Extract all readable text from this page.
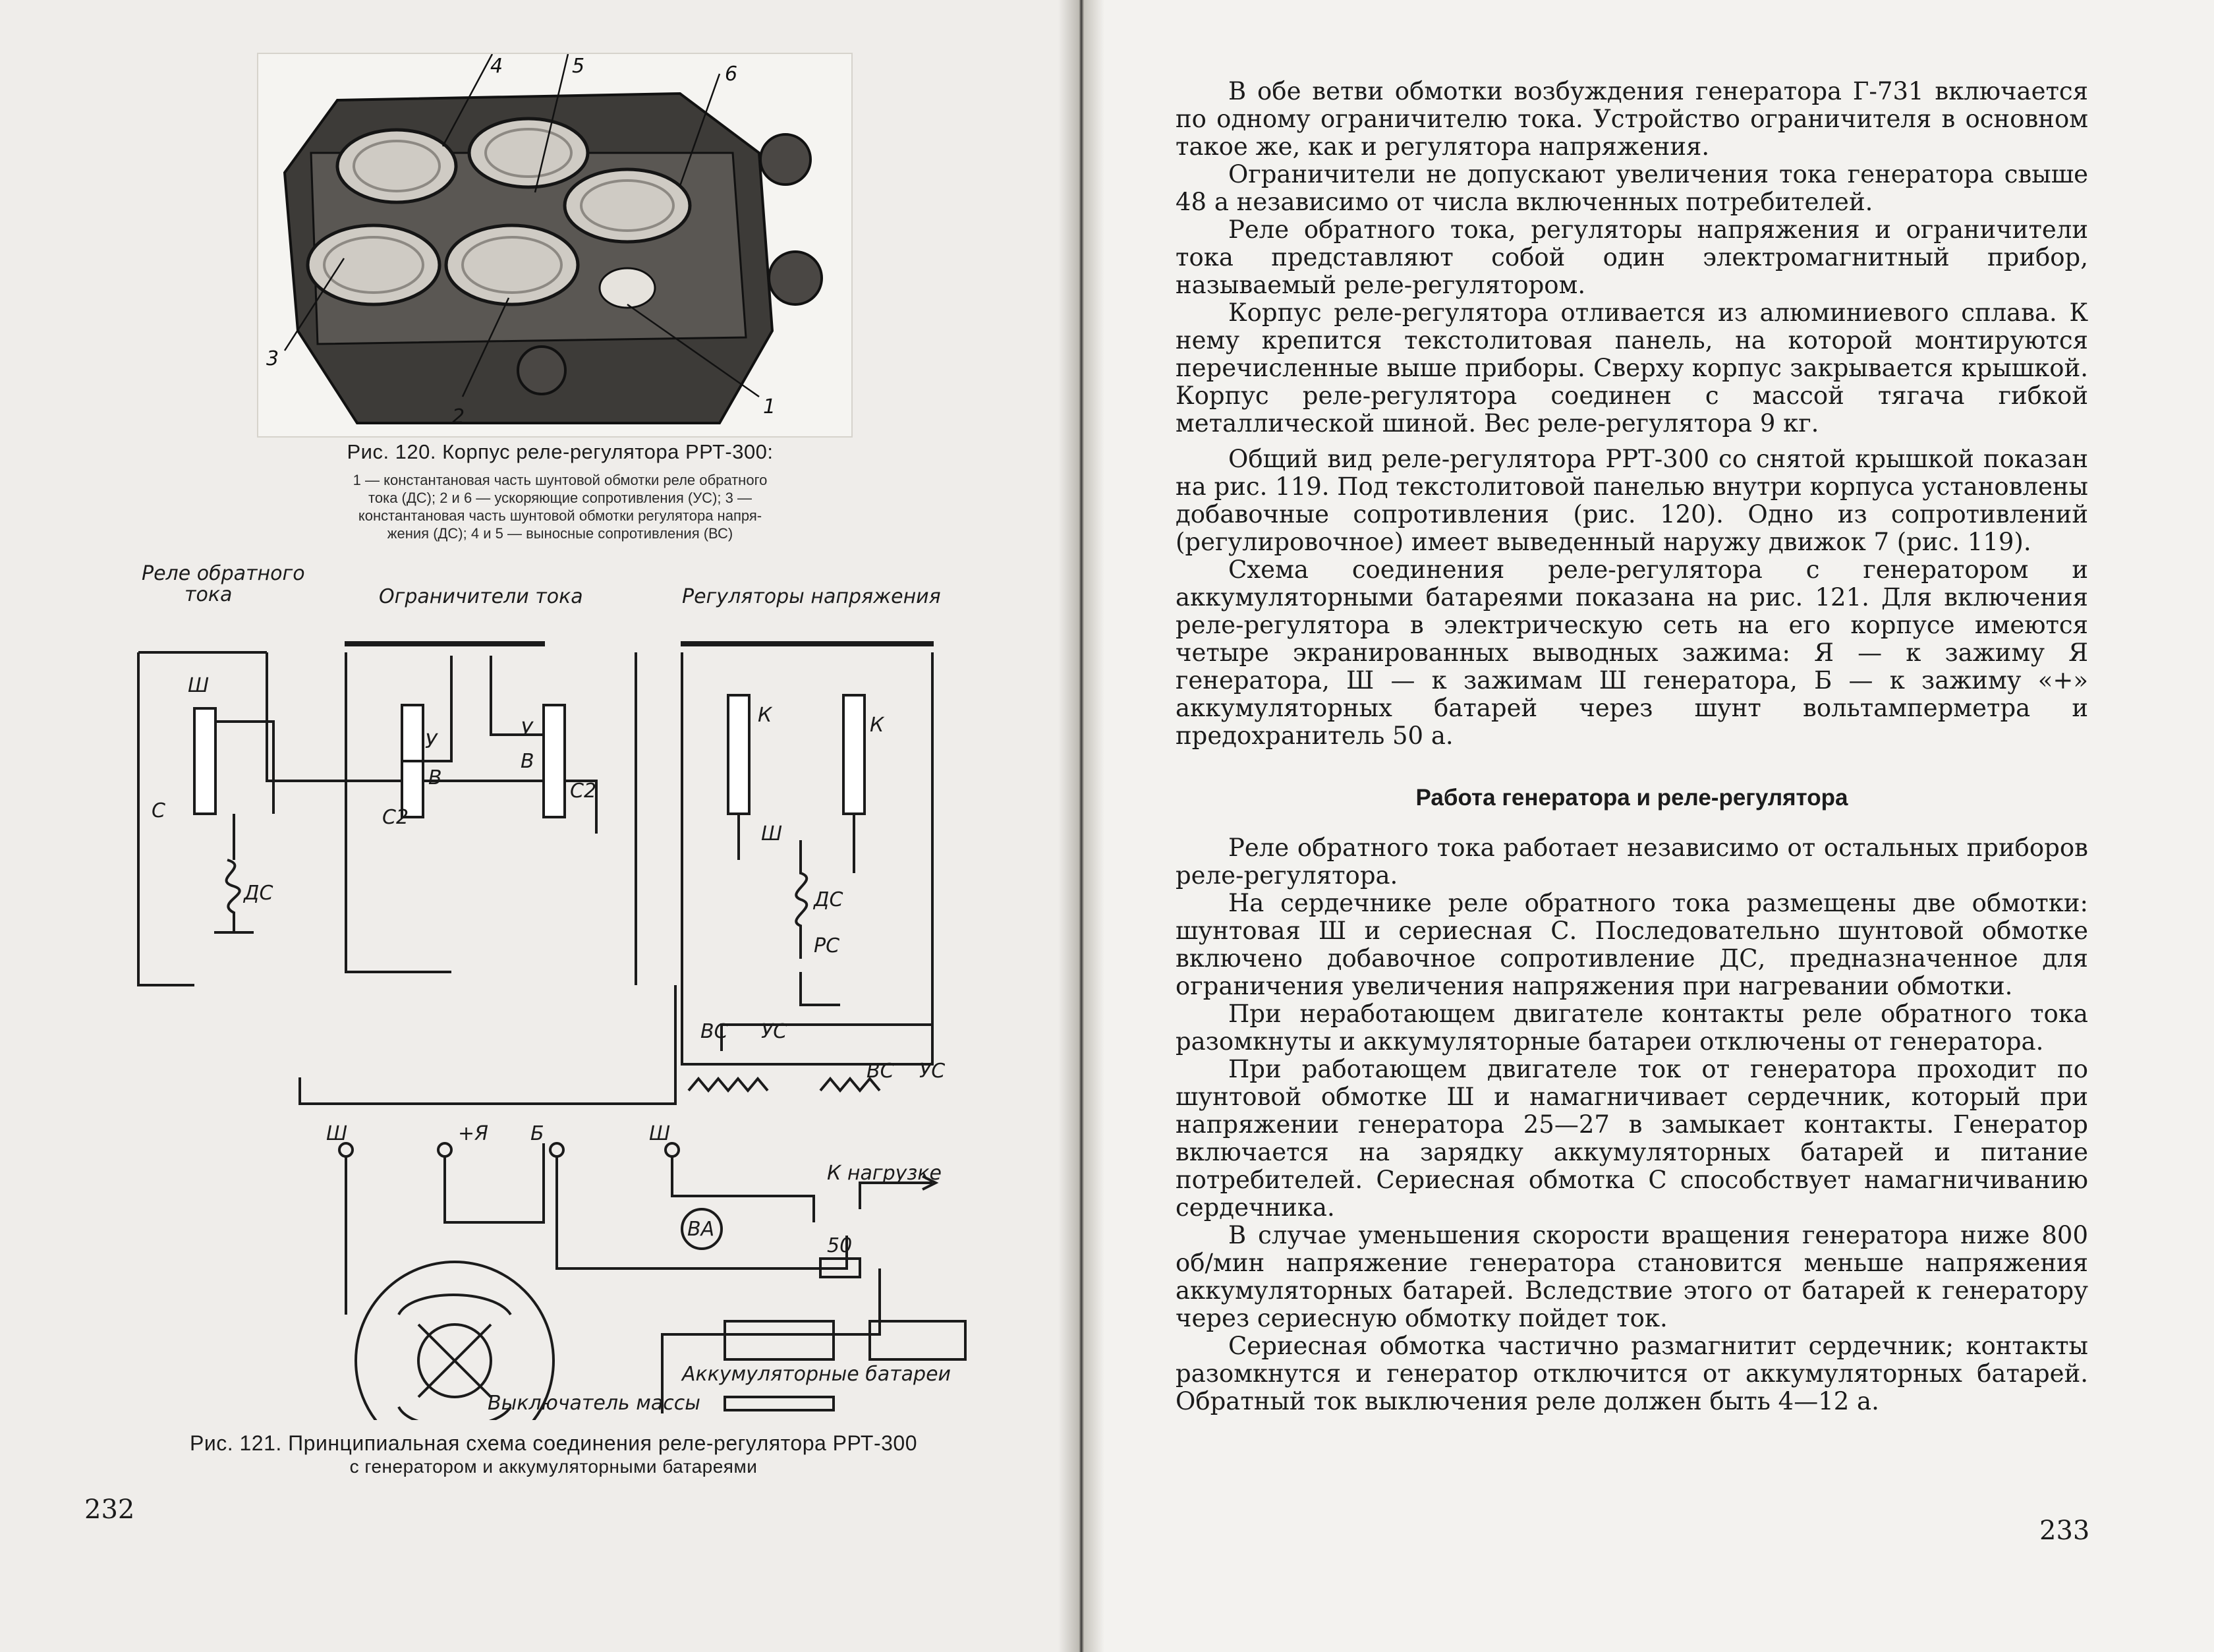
4	5	6
3
2	1
Рис. 120. Корпус реле-регулятора РРТ-300:
1 — константановая часть шунтовой обмотки реле обратного
тока (ДС); 2 и 6 — ускоряющие сопротивления (УС); 3 —
константановая часть шунтовой обмотки регулятора напря-
жения (ДС); 4 и 5 — выносные сопротивления (ВС)
Реле обратного
тока	Ограничители тока	Регуляторы напряжения
Ш
С
ДС
У
В
С2
У
В
С2
К	К
Ш
ДС
РС
ВС УС
ВС УС
Ш	+Я Б	Ш
ВА
К нагрузке
50
Аккумуляторные батареи
Выключатель массы
Рис. 121. Принципиальная схема соединения реле-регулятора РРТ-300
с генератором и аккумуляторными батареями
232

В обе ветви обмотки возбуждения генератора Г-731 включается по одному ограничителю тока. Устройство ограничителя в основном такое же, как и регулятора напряжения.

Ограничители не допускают увеличения тока генератора свыше 48 а независимо от числа включенных потребителей.

Реле обратного тока, регуляторы напряжения и ограничители тока представляют собой один электромагнитный прибор, называемый реле-регулятором.

Корпус реле-регулятора отливается из алюминиевого сплава. К нему крепится текстолитовая панель, на которой монтируются перечисленные выше приборы. Сверху корпус закрывается крышкой. Корпус реле-регулятора соединен с массой тягача гибкой металлической шиной. Вес реле-регулятора 9 кг.

Общий вид реле-регулятора РРТ-300 со снятой крышкой показан на рис. 119. Под текстолитовой панелью внутри корпуса установлены добавочные сопротивления (рис. 120). Одно из сопротивлений (регулировочное) имеет выведенный наружу движок 7 (рис. 119).

Схема соединения реле-регулятора с генератором и аккумуляторными батареями показана на рис. 121. Для включения реле-регулятора в электрическую сеть на его корпусе имеются четыре экранированных выводных зажима: Я — к зажиму Я генератора, Ш — к зажимам Ш генератора, Б — к зажиму «+» аккумуляторных батарей через шунт вольтамперметра и предохранитель 50 а.

Работа генератора и реле-регулятора

Реле обратного тока работает независимо от остальных приборов реле-регулятора.

На сердечнике реле обратного тока размещены две обмотки: шунтовая Ш и сериесная С. Последовательно шунтовой обмотке включено добавочное сопротивление ДС, предназначенное для ограничения увеличения напряжения при нагревании обмотки.

При неработающем двигателе контакты реле обратного тока разомкнуты и аккумуляторные батареи отключены от генератора.

При работающем двигателе ток от генератора проходит по шунтовой обмотке Ш и намагничивает сердечник, который при напряжении генератора 25—27 в замыкает контакты. Генератор включается на зарядку аккумуляторных батарей и питание потребителей. Сериесная обмотка С способствует намагничиванию сердечника.

В случае уменьшения скорости вращения генератора ниже 800 об/мин напряжение генератора становится меньше напряжения аккумуляторных батарей. Вследствие этого от батарей к генератору через сериесную обмотку пойдет ток.

Сериесная обмотка частично размагнитит сердечник; контакты разомкнутся и генератор отключится от аккумуляторных батарей. Обратный ток выключения реле должен быть 4—12 а.

233
